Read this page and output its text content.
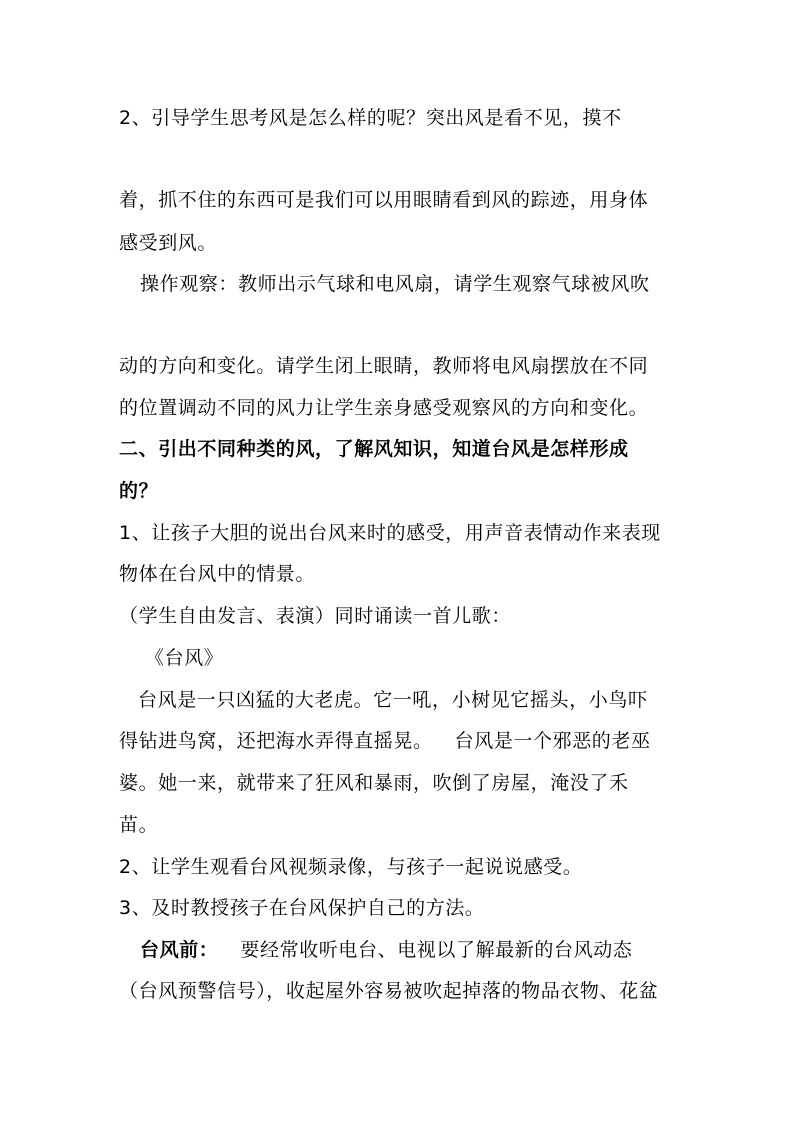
2、引导学生思考风是怎么样的呢？突出风是看不见，摸不
着，抓不住的东西可是我们可以用眼睛看到风的踪迹，用身体
感受到风。
操作观察：教师出示气球和电风扇，请学生观察气球被风吹
动的方向和变化。请学生闭上眼睛，教师将电风扇摆放在不同
的位置调动不同的风力让学生亲身感受观察风的方向和变化。
二、引出不同种类的风，了解风知识，知道台风是怎样形成
的？
1、让孩子大胆的说出台风来时的感受，用声音表情动作来表现
物体在台风中的情景。
（学生自由发言、表演）同时诵读一首儿歌：
《台风》
台风是一只凶猛的大老虎。它一吼，小树见它摇头，小鸟吓
得钻进鸟窝，还把海水弄得直摇晃。 台风是一个邪恶的老巫
婆。她一来，就带来了狂风和暴雨，吹倒了房屋，淹没了禾
苗。
2、让学生观看台风视频录像，与孩子一起说说感受。
3、及时教授孩子在台风保护自己的方法。
台风前： 要经常收听电台、电视以了解最新的台风动态
（台风预警信号），收起屋外容易被吹起掉落的物品衣物、花盆
